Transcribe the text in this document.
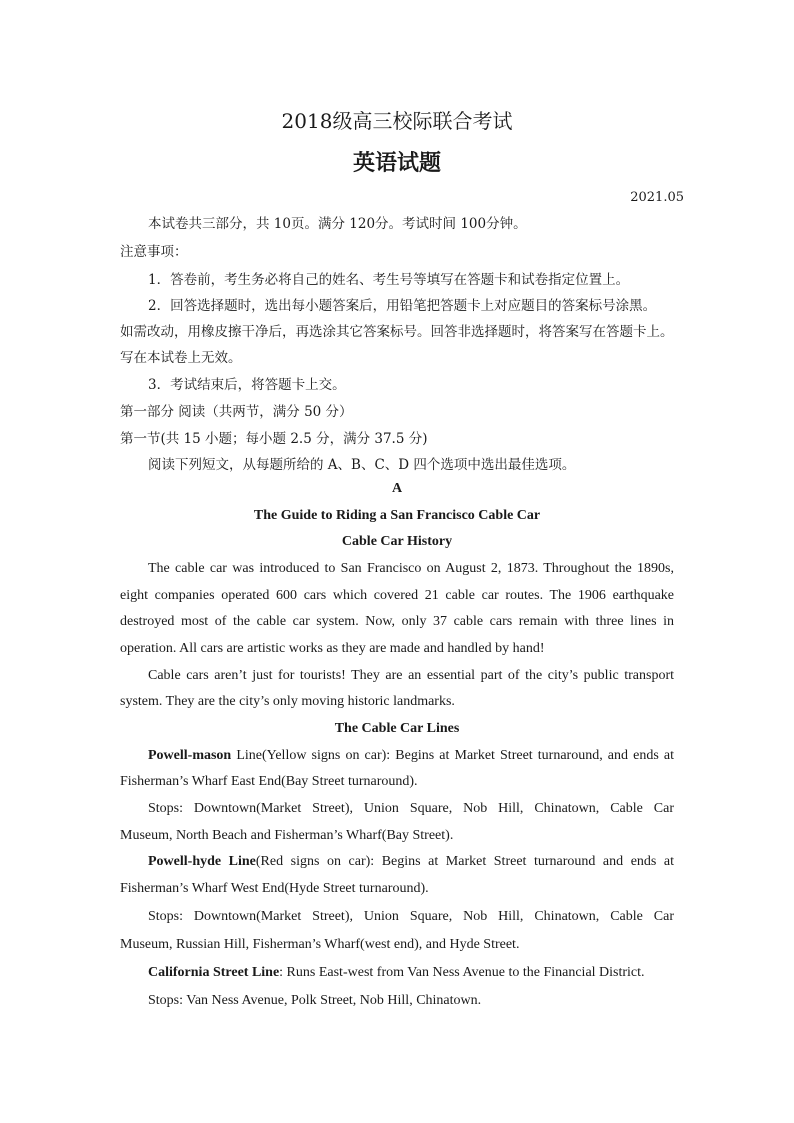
2018级高三校际联合考试
英语试题
2021.05
本试卷共三部分，共 10页。满分 120分。考试时间 100分钟。
注意事项：
1．答卷前，考生务必将自己的姓名、考生号等填写在答题卡和试卷指定位置上。
2．回答选择题时，选出每小题答案后，用铅笔把答题卡上对应题目的答案标号涂黑。
如需改动，用橡皮擦干净后，再选涂其它答案标号。回答非选择题时，将答案写在答题卡上。
写在本试卷上无效。
3．考试结束后，将答题卡上交。
第一部分 阅读（共两节，满分 50 分）
第一节(共 15 小题；每小题 2.5 分，满分 37.5 分)
阅读下列短文，从每题所给的 A、B、C、D 四个选项中选出最佳选项。
A
The Guide to Riding a San Francisco Cable Car
Cable Car History
The cable car was introduced to San Francisco on August 2, 1873. Throughout the 1890s,
eight companies operated 600 cars which covered 21 cable car routes. The 1906 earthquake
destroyed most of the cable car system. Now, only 37 cable cars remain with three lines in
operation. All cars are artistic works as they are made and handled by hand!
Cable cars aren’t just for tourists! They are an essential part of the city’s public transport
system. They are the city’s only moving historic landmarks.
The Cable Car Lines
Powell-mason Line(Yellow signs on car): Begins at Market Street turnaround, and ends at
Fisherman’s Wharf East End(Bay Street turnaround).
Stops: Downtown(Market Street), Union Square, Nob Hill, Chinatown, Cable Car
Museum, North Beach and Fisherman’s Wharf(Bay Street).
Powell-hyde Line(Red signs on car): Begins at Market Street turnaround and ends at
Fisherman’s Wharf West End(Hyde Street turnaround).
Stops: Downtown(Market Street), Union Square, Nob Hill, Chinatown, Cable Car
Museum, Russian Hill, Fisherman’s Wharf(west end), and Hyde Street.
California Street Line: Runs East-west from Van Ness Avenue to the Financial District.
Stops: Van Ness Avenue, Polk Street, Nob Hill, Chinatown.
